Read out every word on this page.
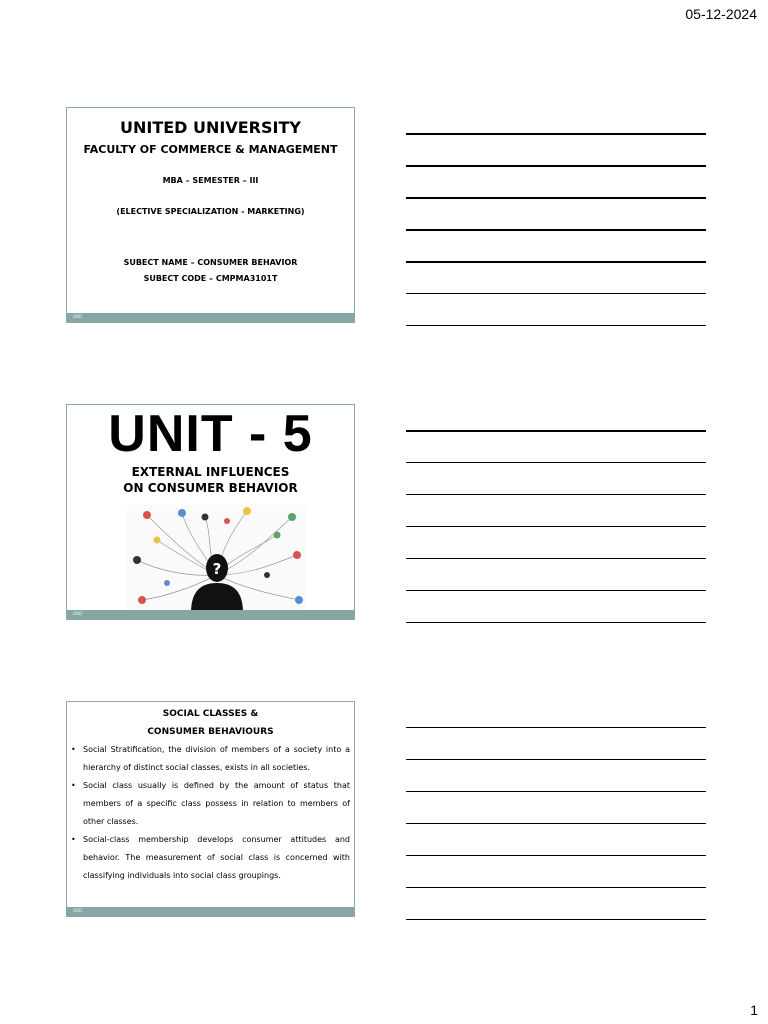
05-12-2024
UNITED UNIVERSITY
FACULTY OF COMMERCE & MANAGEMENT
MBA – SEMESTER – III
(ELECTIVE SPECIALIZATION - MARKETING)
SUBECT NAME – CONSUMER BEHAVIOR
SUBECT CODE – CMPMA3101T
DND
UNIT - 5
EXTERNAL INFLUENCES
ON CONSUMER BEHAVIOR
?
DND
SOCIAL CLASSES &
CONSUMER BEHAVIOURS
• Social Stratification, the division of members of a society into a hierarchy of distinct social classes, exists in all societies.
• Social class usually is defined by the amount of status that members of a specific class possess in relation to members of other classes.
• Social-class membership develops consumer attitudes and behavior. The measurement of social class is concerned with classifying individuals into social class groupings.
DND
1
